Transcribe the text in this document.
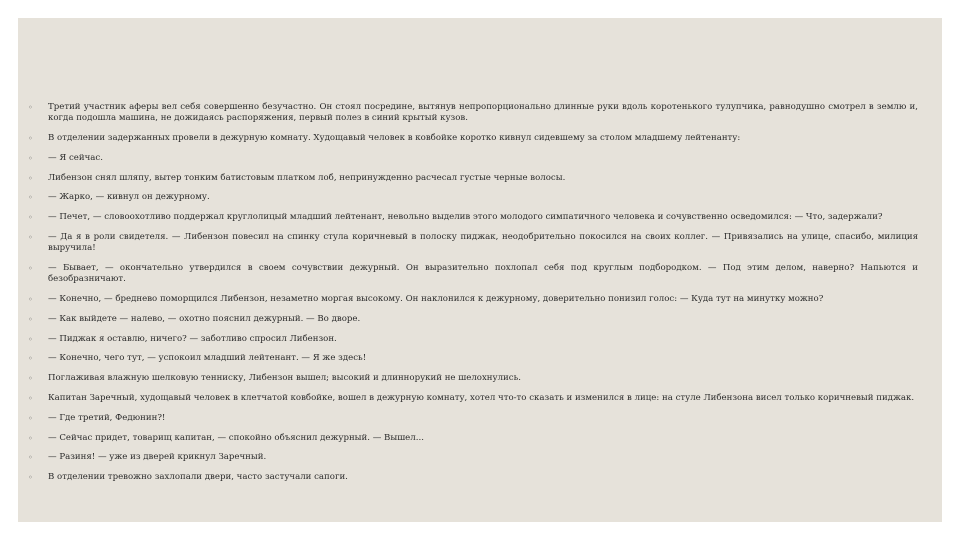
◦ Третий участник аферы вел себя совершенно безучастно. Он стоял посредине, вытянув непропорционально длинные руки вдоль коротенького тулупчика, равнодушно смотрел в землю и, когда подошла машина, не дожидаясь распоряжения, первый полез в синий крытый кузов.
◦ В отделении задержанных провели в дежурную комнату. Худощавый человек в ковбойке коротко кивнул сидевшему за столом младшему лейтенанту:
◦ — Я сейчас.
◦ Либензон снял шляпу, вытер тонким батистовым платком лоб, непринужденно расчесал густые черные волосы.
◦ — Жарко, — кивнул он дежурному.
◦ — Печет, — словоохотливо поддержал круглолицый младший лейтенант, невольно выделив этого молодого симпатичного человека и сочувственно осведомился: — Что, задержали?
◦ — Да я в роли свидетеля. — Либензон повесил на спинку стула коричневый в полоску пиджак, неодобрительно покосился на своих коллег. — Привязались на улице, спасибо, милиция выручила!
◦ — Бывает, — окончательно утвердился в своем сочувствии дежурный. Он выразительно похлопал себя под круглым подбородком. — Под этим делом, наверно? Напьются и безобразничают.
◦ — Конечно, — бреднево поморщился Либензон, незаметно моргая высокому. Он наклонился к дежурному, доверительно понизил голос: — Куда тут на минутку можно?
◦ — Как выйдете — налево, — охотно пояснил дежурный. — Во дворе.
◦ — Пиджак я оставлю, ничего? — заботливо спросил Либензон.
◦ — Конечно, чего тут, — успокоил младший лейтенант. — Я же здесь!
◦ Поглаживая влажную шелковую тенниску, Либензон вышел; высокий и длиннорукий не шелохнулись.
◦ Капитан Заречный, худощавый человек в клетчатой ковбойке, вошел в дежурную комнату, хотел что-то сказать и изменился в лице: на стуле Либензона висел только коричневый пиджак.
◦ — Где третий, Федюнин?!
◦ — Сейчас придет, товарищ капитан, — спокойно объяснил дежурный. — Вышел...
◦ — Разиня! — уже из дверей крикнул Заречный.
◦ В отделении тревожно захлопали двери, часто застучали сапоги.
